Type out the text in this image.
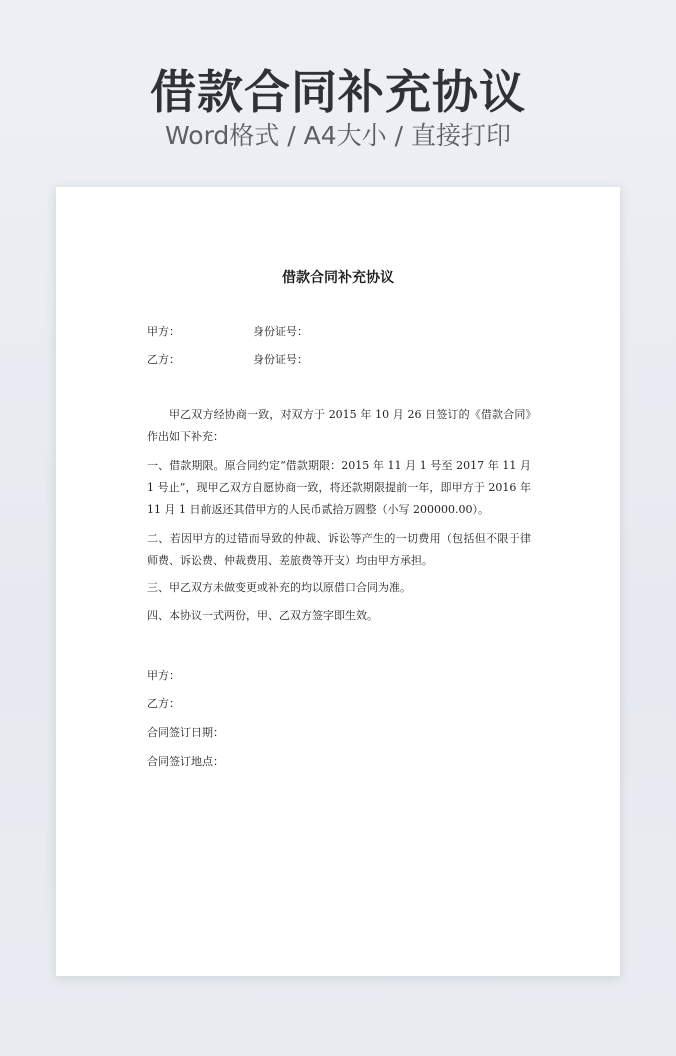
借款合同补充协议
Word格式 / A4大小 / 直接打印
借款合同补充协议
甲方：	身份证号：
乙方：	身份证号：
甲乙双方经协商一致，对双方于 2015 年 10 月 26 日签订的《借款合同》作出如下补充：
一、借款期限。原合同约定“借款期限：2015 年 11 月 1 号至 2017 年 11 月 1 号止”，现甲乙双方自愿协商一致，将还款期限提前一年，即甲方于 2016 年 11 月 1 日前返还其借甲方的人民币贰拾万圆整（小写 200000.00）。
二、若因甲方的过错而导致的仲裁、诉讼等产生的一切费用（包括但不限于律师费、诉讼费、仲裁费用、差旅费等开支）均由甲方承担。
三、甲乙双方未做变更或补充的均以原借口合同为准。
四、本协议一式两份，甲、乙双方签字即生效。
甲方：
乙方：
合同签订日期：
合同签订地点：
